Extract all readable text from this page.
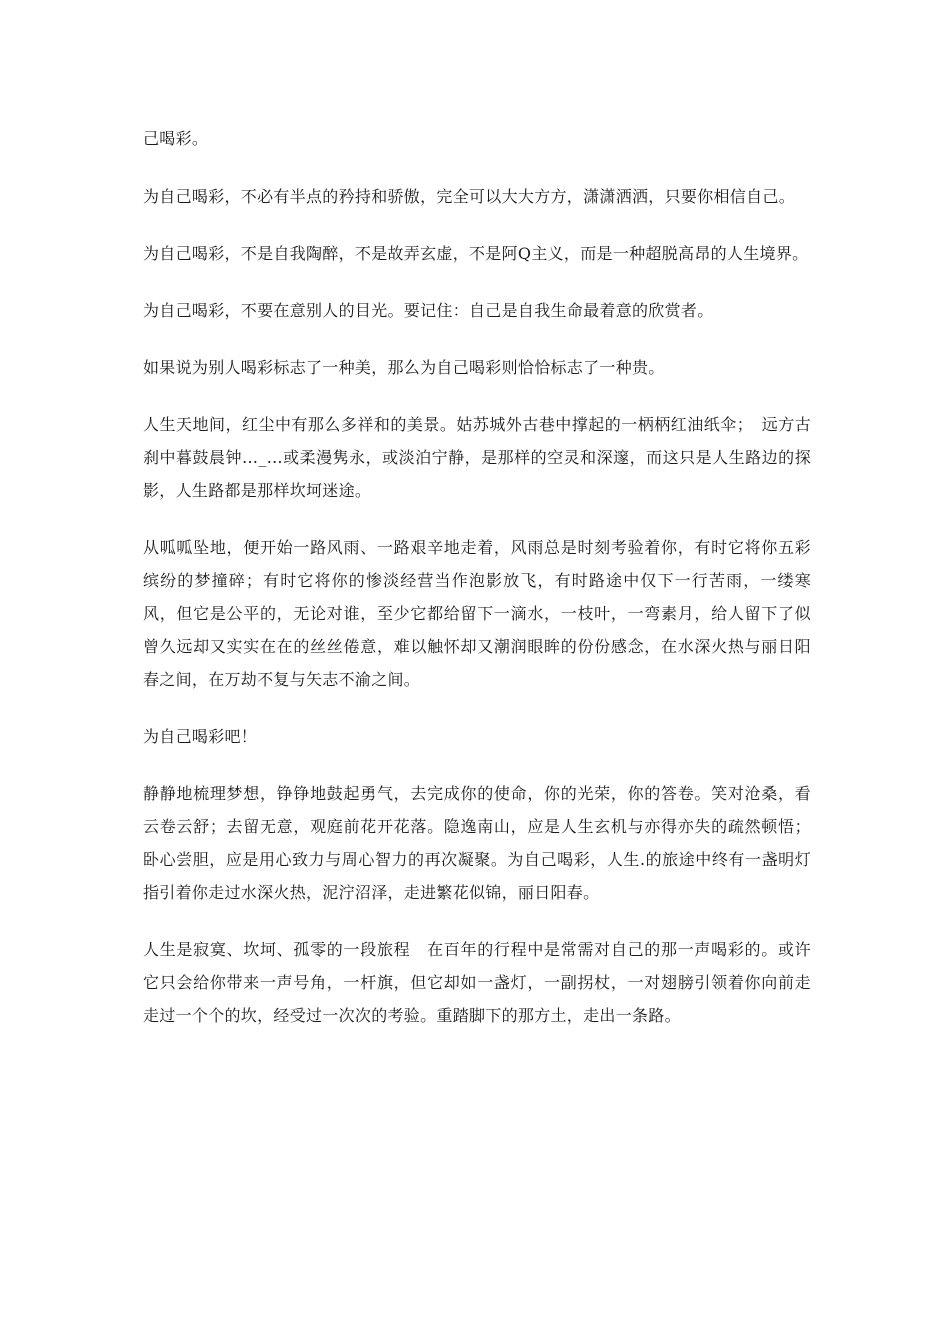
己喝彩。

为自己喝彩，不必有半点的矜持和骄傲，完全可以大大方方，潇潇洒洒，只要你相信自己。

为自己喝彩，不是自我陶醉，不是故弄玄虚，不是阿Q主义，而是一种超脱高昂的人生境界。

为自己喝彩，不要在意别人的目光。要记住：自己是自我生命最着意的欣赏者。

如果说为别人喝彩标志了一种美，那么为自己喝彩则恰恰标志了一种贵。

人生天地间，红尘中有那么多祥和的美景。姑苏城外古巷中撑起的一柄柄红油纸伞；　远方古刹中暮鼓晨钟…_…或柔漫隽永，或淡泊宁静，是那样的空灵和深邃，而这只是人生路边的探影，人生路都是那样坎坷迷途。

从呱呱坠地，便开始一路风雨、一路艰辛地走着，风雨总是时刻考验着你，有时它将你五彩缤纷的梦撞碎；有时它将你的惨淡经营当作泡影放飞，有时路途中仅下一行苦雨，一缕寒风，但它是公平的，无论对谁，至少它都给留下一滴水，一枝叶，一弯素月，给人留下了似曾久远却又实实在在的丝丝倦意，难以触怀却又潮润眼眸的份份感念，在水深火热与丽日阳春之间，在万劫不复与矢志不渝之间。

为自己喝彩吧！

静静地梳理梦想，铮铮地鼓起勇气，去完成你的使命，你的光荣，你的答卷。笑对沧桑，看云卷云舒；去留无意，观庭前花开花落。隐逸南山，应是人生玄机与亦得亦失的疏然顿悟；卧心尝胆，应是用心致力与周心智力的再次凝聚。为自己喝彩，人生.的旅途中终有一盏明灯指引着你走过水深火热，泥泞沼泽，走进繁花似锦，丽日阳春。

人生是寂寞、坎坷、孤零的一段旅程　在百年的行程中是常需对自己的那一声喝彩的。或许它只会给你带来一声号角，一杆旗，但它却如一盏灯，一副拐杖，一对翅膀引领着你向前走走过一个个的坎，经受过一次次的考验。重踏脚下的那方土，走出一条路。
